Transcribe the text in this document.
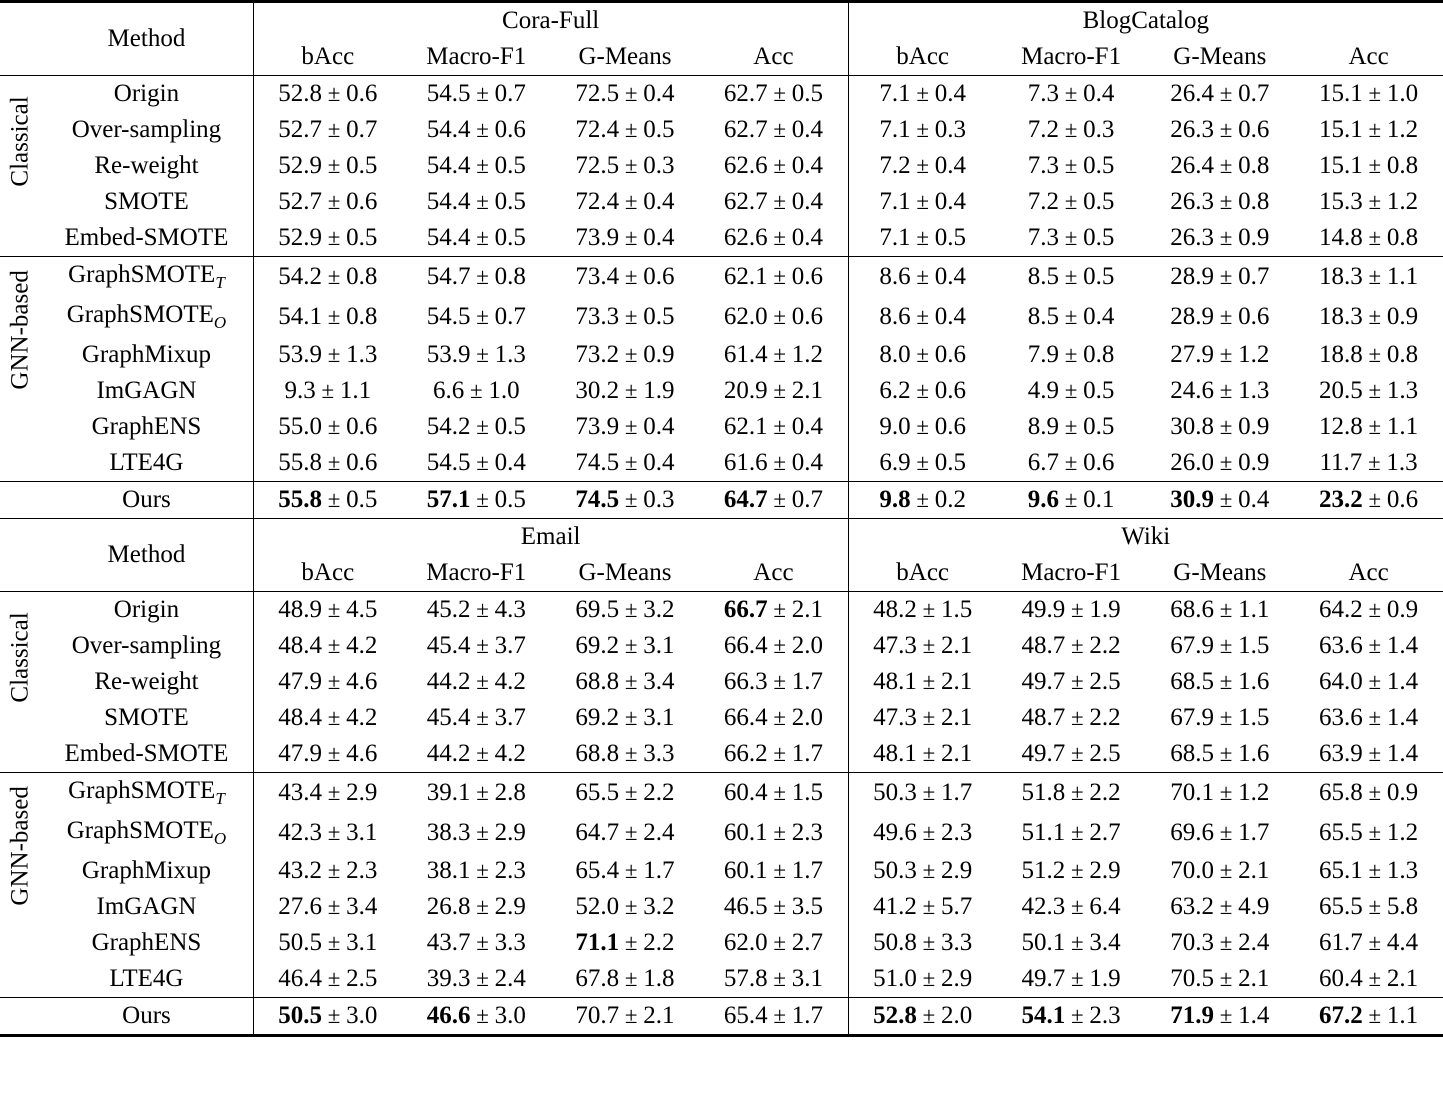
	Method	Cora-Full				BlogCatalog			
		bAcc	Macro-F1	G-Means	Acc	bAcc	Macro-F1	G-Means	Acc

Classical	Origin	52.8 ± 0.6	54.5 ± 0.7	72.5 ± 0.4	62.7 ± 0.5	7.1 ± 0.4	7.3 ± 0.4	26.4 ± 0.7	15.1 ± 1.0
	Over-sampling	52.7 ± 0.7	54.4 ± 0.6	72.4 ± 0.5	62.7 ± 0.4	7.1 ± 0.3	7.2 ± 0.3	26.3 ± 0.6	15.1 ± 1.2
	Re-weight	52.9 ± 0.5	54.4 ± 0.5	72.5 ± 0.3	62.6 ± 0.4	7.2 ± 0.4	7.3 ± 0.5	26.4 ± 0.8	15.1 ± 0.8
	SMOTE	52.7 ± 0.6	54.4 ± 0.5	72.4 ± 0.4	62.7 ± 0.4	7.1 ± 0.4	7.2 ± 0.5	26.3 ± 0.8	15.3 ± 1.2
	Embed-SMOTE	52.9 ± 0.5	54.4 ± 0.5	73.9 ± 0.4	62.6 ± 0.4	7.1 ± 0.5	7.3 ± 0.5	26.3 ± 0.9	14.8 ± 0.8

GNN-based	GraphSMOTE$_T$	54.2 ± 0.8	54.7 ± 0.8	73.4 ± 0.6	62.1 ± 0.6	8.6 ± 0.4	8.5 ± 0.5	28.9 ± 0.7	18.3 ± 1.1
	GraphSMOTE$_O$	54.1 ± 0.8	54.5 ± 0.7	73.3 ± 0.5	62.0 ± 0.6	8.6 ± 0.4	8.5 ± 0.4	28.9 ± 0.6	18.3 ± 0.9
	GraphMixup	53.9 ± 1.3	53.9 ± 1.3	73.2 ± 0.9	61.4 ± 1.2	8.0 ± 0.6	7.9 ± 0.8	27.9 ± 1.2	18.8 ± 0.8
	ImGAGN	9.3 ± 1.1	6.6 ± 1.0	30.2 ± 1.9	20.9 ± 2.1	6.2 ± 0.6	4.9 ± 0.5	24.6 ± 1.3	20.5 ± 1.3
	GraphENS	55.0 ± 0.6	54.2 ± 0.5	73.9 ± 0.4	62.1 ± 0.4	9.0 ± 0.6	8.9 ± 0.5	30.8 ± 0.9	12.8 ± 1.1
	LTE4G	55.8 ± 0.6	54.5 ± 0.4	74.5 ± 0.4	61.6 ± 0.4	6.9 ± 0.5	6.7 ± 0.6	26.0 ± 0.9	11.7 ± 1.3
	Ours	55.8 ± 0.5	57.1 ± 0.5	74.5 ± 0.3	64.7 ± 0.7	9.8 ± 0.2	9.6 ± 0.1	30.9 ± 0.4	23.2 ± 0.6
	Method	Email				Wiki			
		bAcc	Macro-F1	G-Means	Acc	bAcc	Macro-F1	G-Means	Acc

Classical	Origin	48.9 ± 4.5	45.2 ± 4.3	69.5 ± 3.2	66.7 ± 2.1	48.2 ± 1.5	49.9 ± 1.9	68.6 ± 1.1	64.2 ± 0.9
	Over-sampling	48.4 ± 4.2	45.4 ± 3.7	69.2 ± 3.1	66.4 ± 2.0	47.3 ± 2.1	48.7 ± 2.2	67.9 ± 1.5	63.6 ± 1.4
	Re-weight	47.9 ± 4.6	44.2 ± 4.2	68.8 ± 3.4	66.3 ± 1.7	48.1 ± 2.1	49.7 ± 2.5	68.5 ± 1.6	64.0 ± 1.4
	SMOTE	48.4 ± 4.2	45.4 ± 3.7	69.2 ± 3.1	66.4 ± 2.0	47.3 ± 2.1	48.7 ± 2.2	67.9 ± 1.5	63.6 ± 1.4
	Embed-SMOTE	47.9 ± 4.6	44.2 ± 4.2	68.8 ± 3.3	66.2 ± 1.7	48.1 ± 2.1	49.7 ± 2.5	68.5 ± 1.6	63.9 ± 1.4

GNN-based	GraphSMOTE$_T$	43.4 ± 2.9	39.1 ± 2.8	65.5 ± 2.2	60.4 ± 1.5	50.3 ± 1.7	51.8 ± 2.2	70.1 ± 1.2	65.8 ± 0.9
	GraphSMOTE$_O$	42.3 ± 3.1	38.3 ± 2.9	64.7 ± 2.4	60.1 ± 2.3	49.6 ± 2.3	51.1 ± 2.7	69.6 ± 1.7	65.5 ± 1.2
	GraphMixup	43.2 ± 2.3	38.1 ± 2.3	65.4 ± 1.7	60.1 ± 1.7	50.3 ± 2.9	51.2 ± 2.9	70.0 ± 2.1	65.1 ± 1.3
	ImGAGN	27.6 ± 3.4	26.8 ± 2.9	52.0 ± 3.2	46.5 ± 3.5	41.2 ± 5.7	42.3 ± 6.4	63.2 ± 4.9	65.5 ± 5.8
	GraphENS	50.5 ± 3.1	43.7 ± 3.3	71.1 ± 2.2	62.0 ± 2.7	50.8 ± 3.3	50.1 ± 3.4	70.3 ± 2.4	61.7 ± 4.4
	LTE4G	46.4 ± 2.5	39.3 ± 2.4	67.8 ± 1.8	57.8 ± 3.1	51.0 ± 2.9	49.7 ± 1.9	70.5 ± 2.1	60.4 ± 2.1
	Ours	50.5 ± 3.0	46.6 ± 3.0	70.7 ± 2.1	65.4 ± 1.7	52.8 ± 2.0	54.1 ± 2.3	71.9 ± 1.4	67.2 ± 1.1
